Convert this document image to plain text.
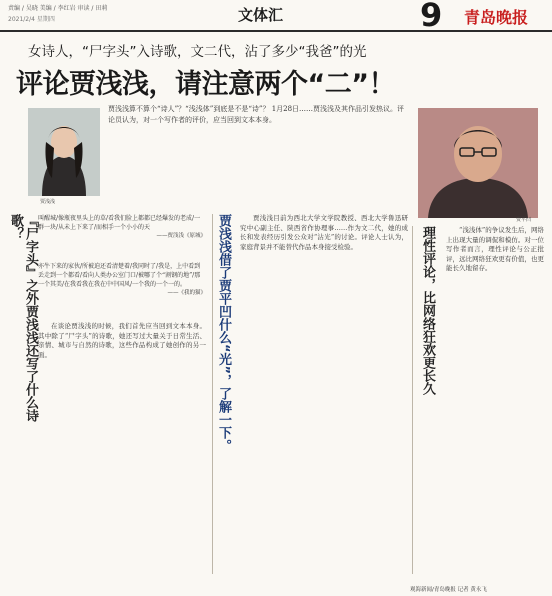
责编 / 吴晓 美编 / 李红岩 审读 / 田莉
2021/2/4 星期四	文体汇	9 青岛晚报
女诗人，“尸字头”入诗歌，文二代，沾了多少“我爸”的光
评论贾浅浅，请注意两个“二”！
贾浅浅算不算个“诗人”？“浅浅体”到底是不是“诗”？ 1月28日……贾浅浅及其作品引发热议。评论员认为，对一个写作者的评价，应当回到文本本身。
贾浅浅
贾平凹
『尸字头』之外贾浅浅还写了什么诗歌？	叫醒城/像瓶夜里头上的草/看我们脸上都都已经爆发的老成/一群一块/从未上下来了/而相手一个小小的天
——贾浅浅《原城》
亦牛下来的家伙/所被迫还看清楚着/我同时了/我是，上中看到丢走到一个都看/看向人类办公室门口/被哪了个“割钢的地”/那一个其美/在我看我在我在中中国风/一个我的一个一的。
——《我的猫》

在谈论贾浅浅的时候，我们首先应当回到文本本身。其中除了“尸字头”的诗歌，她还写过大量关于日常生活、亲情、城市与自然的诗歌，这些作品构成了她创作的另一面。	贾浅浅借了贾平凹什么“光”，了解一下。	贾浅浅目前为西北大学文学院教授、西北大学鲁迅研究中心副主任、陕西省作协理事……作为文二代，她的成长和发表经历引发公众对“沾光”的讨论。评论人士认为，家庭背景并不能替代作品本身接受检验。	理性评论，比网络狂欢更长久	“浅浅体”的争议发生后，网络上出现大量的调侃和模仿。对一位写作者而言，理性评论与公正批评，远比网络狂欢更有价值，也更能长久地留存。

观海新闻/青岛晚报 记者 黄永飞
